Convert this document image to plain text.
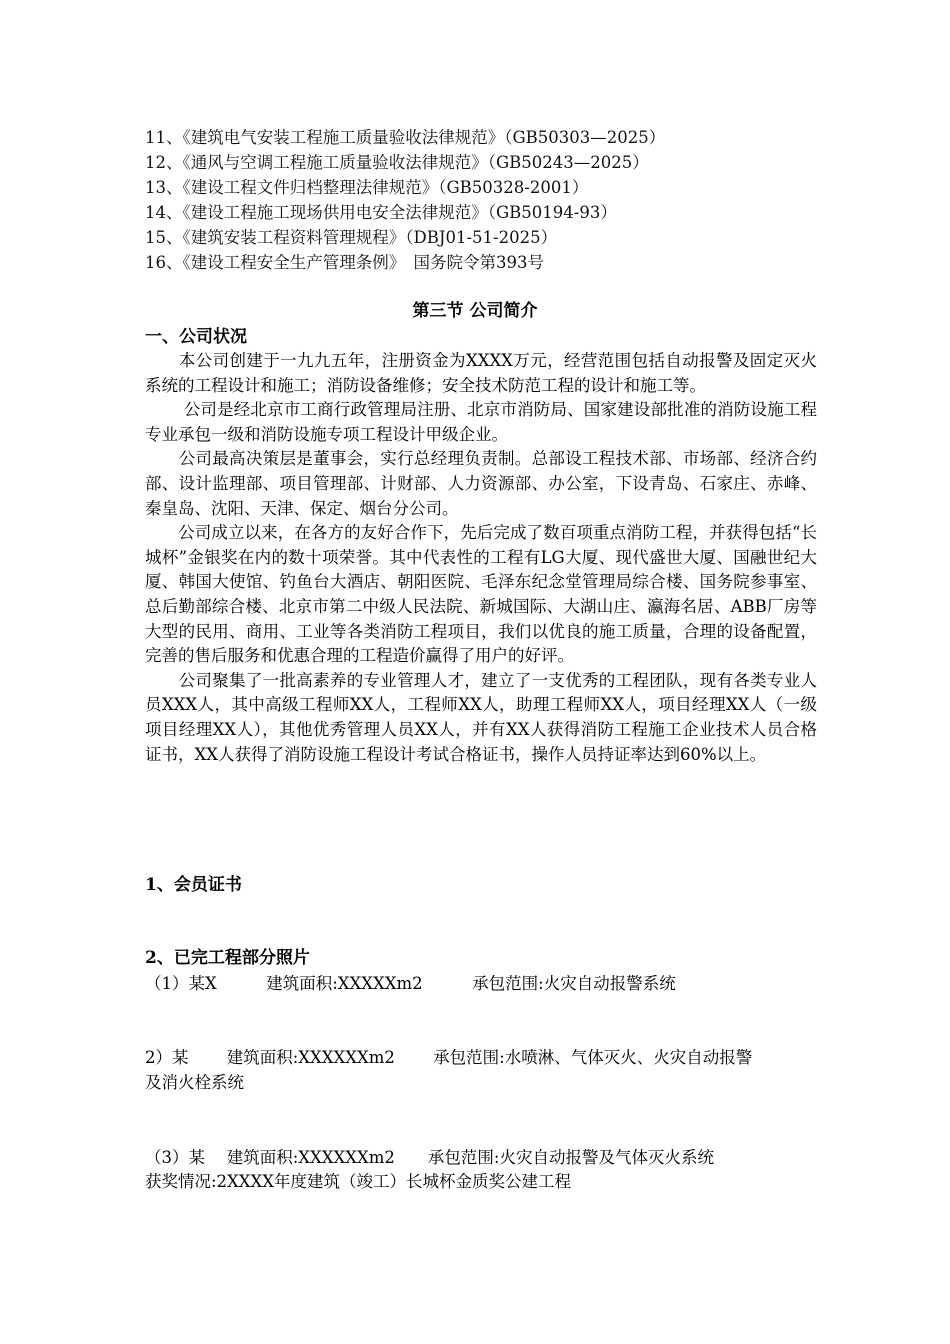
11、《建筑电气安装工程施工质量验收法律规范》（GB50303—2025）
12、《通风与空调工程施工质量验收法律规范》（GB50243—2025）
13、《建设工程文件归档整理法律规范》（GB50328-2001）
14、《建设工程施工现场供用电安全法律规范》（GB50194-93）
15、《建筑安装工程资料管理规程》（DBJ01-51-2025）
16、《建设工程安全生产管理条例》　国务院令第393号
第三节 公司简介
一、公司状况

　　本公司创建于一九九五年，注册资金为XXXX万元，经营范围包括自动报警及固定灭火系统的工程设计和施工；消防设备维修；安全技术防范工程的设计和施工等。

　　 公司是经北京市工商行政管理局注册、北京市消防局、国家建设部批准的消防设施工程专业承包一级和消防设施专项工程设计甲级企业。

　　公司最高决策层是董事会，实行总经理负责制。总部设工程技术部、市场部、经济合约部、设计监理部、项目管理部、计财部、人力资源部、办公室，下设青岛、石家庄、赤峰、秦皇岛、沈阳、天津、保定、烟台分公司。

　　公司成立以来，在各方的友好合作下，先后完成了数百项重点消防工程，并获得包括“长城杯”金银奖在内的数十项荣誉。其中代表性的工程有LG大厦、现代盛世大厦、国融世纪大厦、韩国大使馆、钓鱼台大酒店、朝阳医院、毛泽东纪念堂管理局综合楼、国务院参事室、总后勤部综合楼、北京市第二中级人民法院、新城国际、大湖山庄、瀛海名居、ABB厂房等大型的民用、商用、工业等各类消防工程项目，我们以优良的施工质量，合理的设备配置，完善的售后服务和优惠合理的工程造价赢得了用户的好评。

　　公司聚集了一批高素养的专业管理人才，建立了一支优秀的工程团队，现有各类专业人员XXX人，其中高级工程师XX人，工程师XX人，助理工程师XX人，项目经理XX人（一级项目经理XX人），其他优秀管理人员XX人，并有XX人获得消防工程施工企业技术人员合格证书，XX人获得了消防设施工程设计考试合格证书，操作人员持证率达到60%以上。

1、会员证书
2、已完工程部分照片
（1）某X　　　建筑面积:XXXXXm2　　　承包范围:火灾自动报警系统
2）某　　 建筑面积:XXXXXXm2　　 承包范围:水喷淋、气体灭火、火灾自动报警
及消火栓系统
（3）某　 建筑面积:XXXXXXm2　　承包范围:火灾自动报警及气体灭火系统
获奖情况:2XXXX年度建筑（竣工）长城杯金质奖公建工程
